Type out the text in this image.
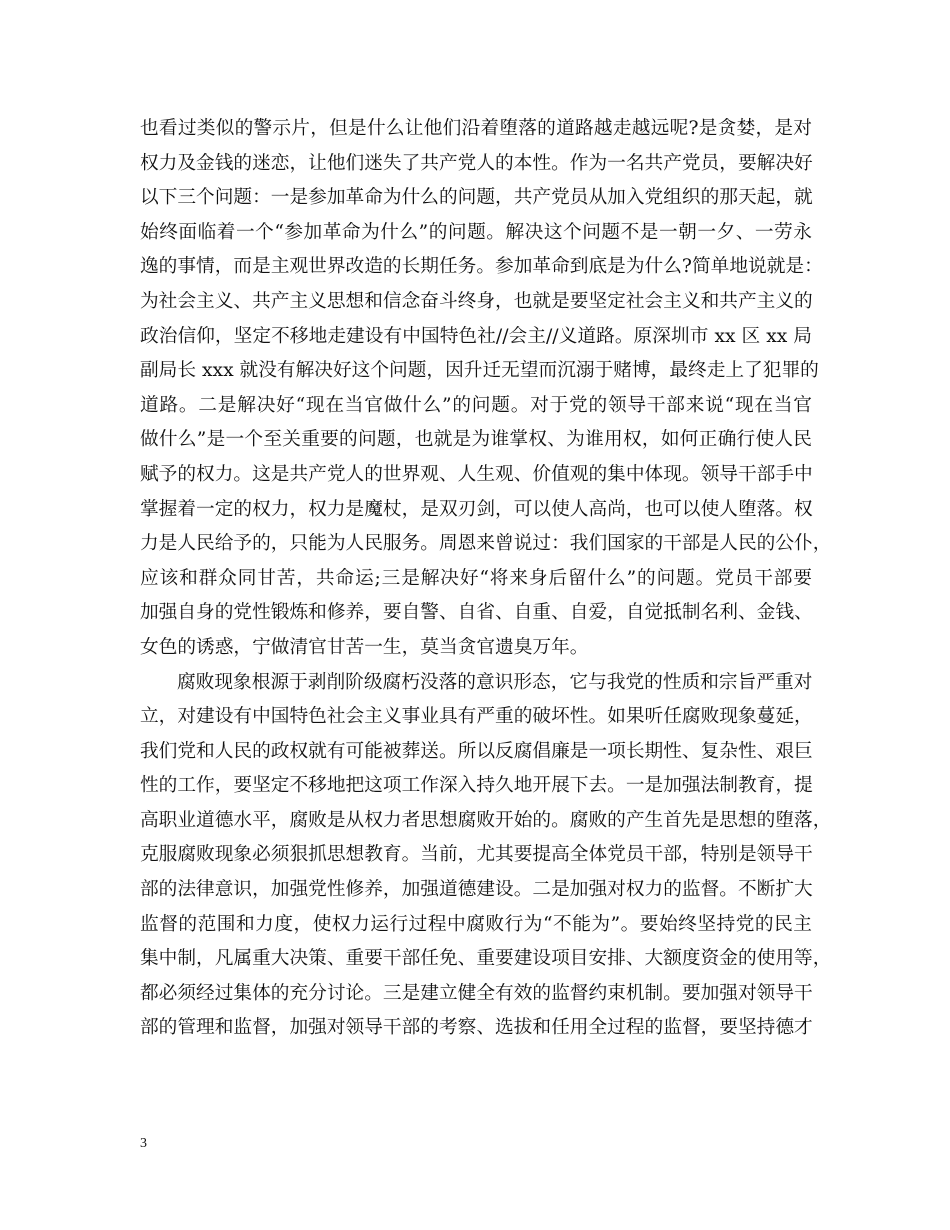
也看过类似的警示片，但是什么让他们沿着堕落的道路越走越远呢?是贪婪，是对
权力及金钱的迷恋，让他们迷失了共产党人的本性。作为一名共产党员，要解决好
以下三个问题：一是参加革命为什么的问题，共产党员从加入党组织的那天起，就
始终面临着一个“参加革命为什么”的问题。解决这个问题不是一朝一夕、一劳永
逸的事情，而是主观世界改造的长期任务。参加革命到底是为什么?简单地说就是：
为社会主义、共产主义思想和信念奋斗终身，也就是要坚定社会主义和共产主义的
政治信仰，坚定不移地走建设有中国特色社//会主//义道路。原深圳市 xx 区 xx 局
副局长 xxx 就没有解决好这个问题，因升迁无望而沉溺于赌博，最终走上了犯罪的
道路。二是解决好“现在当官做什么”的问题。对于党的领导干部来说“现在当官
做什么”是一个至关重要的问题，也就是为谁掌权、为谁用权，如何正确行使人民
赋予的权力。这是共产党人的世界观、人生观、价值观的集中体现。领导干部手中
掌握着一定的权力，权力是魔杖，是双刃剑，可以使人高尚，也可以使人堕落。权
力是人民给予的，只能为人民服务。周恩来曾说过：我们国家的干部是人民的公仆，
应该和群众同甘苦，共命运;三是解决好“将来身后留什么”的问题。党员干部要
加强自身的党性锻炼和修养，要自警、自省、自重、自爱，自觉抵制名利、金钱、
女色的诱惑，宁做清官甘苦一生，莫当贪官遗臭万年。
腐败现象根源于剥削阶级腐朽没落的意识形态，它与我党的性质和宗旨严重对
立，对建设有中国特色社会主义事业具有严重的破坏性。如果听任腐败现象蔓延，
我们党和人民的政权就有可能被葬送。所以反腐倡廉是一项长期性、复杂性、艰巨
性的工作，要坚定不移地把这项工作深入持久地开展下去。一是加强法制教育，提
高职业道德水平，腐败是从权力者思想腐败开始的。腐败的产生首先是思想的堕落，
克服腐败现象必须狠抓思想教育。当前，尤其要提高全体党员干部，特别是领导干
部的法律意识，加强党性修养，加强道德建设。二是加强对权力的监督。不断扩大
监督的范围和力度，使权力运行过程中腐败行为“不能为”。要始终坚持党的民主
集中制，凡属重大决策、重要干部任免、重要建设项目安排、大额度资金的使用等，
都必须经过集体的充分讨论。三是建立健全有效的监督约束机制。要加强对领导干
部的管理和监督，加强对领导干部的考察、选拔和任用全过程的监督，要坚持德才
3
